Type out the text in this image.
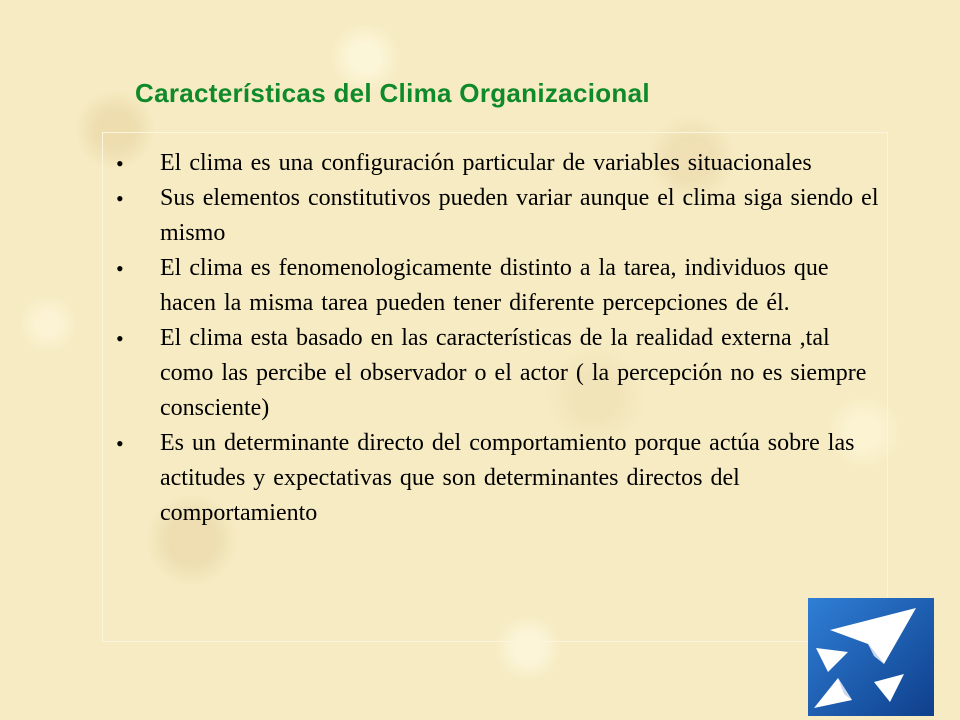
Características del Clima Organizacional
• El clima es una configuración particular de variables situacionales
• Sus elementos constitutivos pueden variar aunque el clima siga siendo el mismo
• El clima es fenomenologicamente distinto a la tarea, individuos que hacen la misma tarea pueden tener diferente percepciones de él.
• El clima esta basado en las características de la realidad externa ,tal como las percibe el observador o el actor ( la percepción no es siempre consciente)
• Es un determinante directo del comportamiento porque actúa sobre las actitudes y expectativas que son determinantes directos del comportamiento
